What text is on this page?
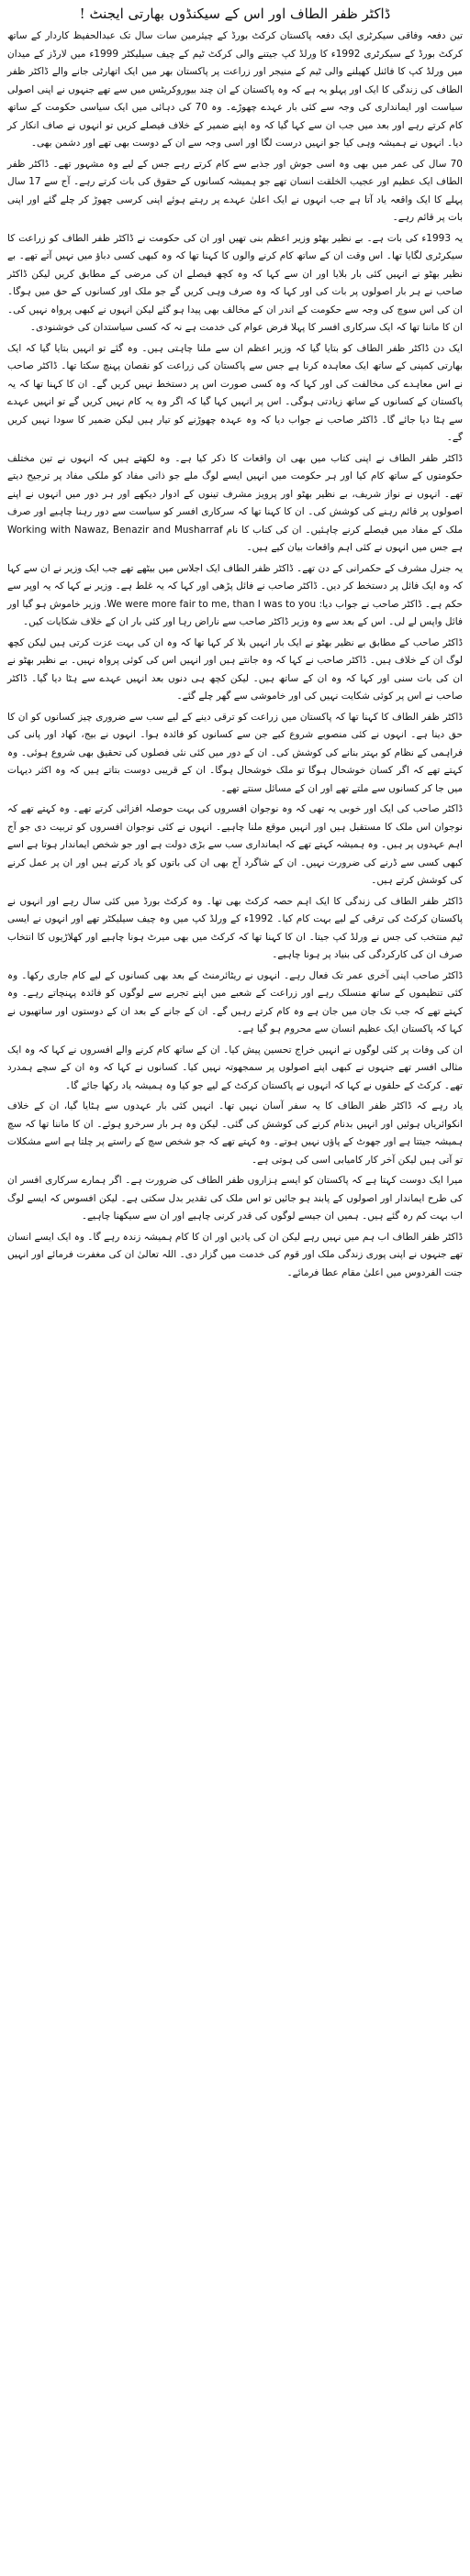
ڈاکٹر ظفر الطاف اور اس کے سیکنڈوں بھارتی ایجنٹ !

تین دفعہ وفاقی سیکرٹری ایک دفعہ پاکستان کرکٹ بورڈ کے چیئرمین سات سال تک عبدالحفیظ کاردار کے ساتھ کرکٹ بورڈ کے سیکرٹری 1992ء کا ورلڈ کپ جیتنے والی کرکٹ ٹیم کے چیف سیلیکٹر 1999ء میں لارڈز کے میدان میں ورلڈ کپ کا فائنل کھیلنے والی ٹیم کے منیجر اور زراعت پر پاکستان بھر میں ایک اتھارٹی جانے والے ڈاکٹر ظفر الطاف کی زندگی کا ایک اور پہلو یہ ہے کہ وہ پاکستان کے ان چند بیوروکریٹس میں سے تھے جنہوں نے اپنی اصولی سیاست اور ایمانداری کی وجہ سے کئی بار عہدے چھوڑے۔ وہ 70 کی دہائی میں ایک سیاسی حکومت کے ساتھ کام کرتے رہے اور بعد میں جب ان سے کہا گیا کہ وہ اپنے ضمیر کے خلاف فیصلے کریں تو انہوں نے صاف انکار کر دیا۔ انہوں نے ہمیشہ وہی کیا جو انہیں درست لگا اور اسی وجہ سے ان کے دوست بھی تھے اور دشمن بھی۔

70 سال کی عمر میں بھی وہ اسی جوش اور جذبے سے کام کرتے رہے جس کے لیے وہ مشہور تھے۔ ڈاکٹر ظفر الطاف ایک عظیم اور عجیب الخلقت انسان تھے جو ہمیشہ کسانوں کے حقوق کی بات کرتے رہے۔ آج سے 17 سال پہلے کا ایک واقعہ یاد آتا ہے جب انہوں نے ایک اعلیٰ عہدے پر رہتے ہوئے اپنی کرسی چھوڑ کر چلے گئے اور اپنی بات پر قائم رہے۔

یہ 1993ء کی بات ہے۔ بے نظیر بھٹو وزیر اعظم بنی تھیں اور ان کی حکومت نے ڈاکٹر ظفر الطاف کو زراعت کا سیکرٹری لگایا تھا۔ اس وقت ان کے ساتھ کام کرنے والوں کا کہنا تھا کہ وہ کبھی کسی دباؤ میں نہیں آتے تھے۔ بے نظیر بھٹو نے انہیں کئی بار بلایا اور ان سے کہا کہ وہ کچھ فیصلے ان کی مرضی کے مطابق کریں لیکن ڈاکٹر صاحب نے ہر بار اصولوں پر بات کی اور کہا کہ وہ صرف وہی کریں گے جو ملک اور کسانوں کے حق میں ہوگا۔ ان کی اس سوچ کی وجہ سے حکومت کے اندر ان کے مخالف بھی پیدا ہو گئے لیکن انہوں نے کبھی پرواہ نہیں کی۔ ان کا ماننا تھا کہ ایک سرکاری افسر کا پہلا فرض عوام کی خدمت ہے نہ کہ کسی سیاستدان کی خوشنودی۔

ایک دن ڈاکٹر ظفر الطاف کو بتایا گیا کہ وزیر اعظم ان سے ملنا چاہتی ہیں۔ وہ گئے تو انہیں بتایا گیا کہ ایک بھارتی کمپنی کے ساتھ ایک معاہدہ کرنا ہے جس سے پاکستان کی زراعت کو نقصان پہنچ سکتا تھا۔ ڈاکٹر صاحب نے اس معاہدے کی مخالفت کی اور کہا کہ وہ کسی صورت اس پر دستخط نہیں کریں گے۔ ان کا کہنا تھا کہ یہ پاکستان کے کسانوں کے ساتھ زیادتی ہوگی۔ اس پر انہیں کہا گیا کہ اگر وہ یہ کام نہیں کریں گے تو انہیں عہدے سے ہٹا دیا جائے گا۔ ڈاکٹر صاحب نے جواب دیا کہ وہ عہدہ چھوڑنے کو تیار ہیں لیکن ضمیر کا سودا نہیں کریں گے۔

ڈاکٹر ظفر الطاف نے اپنی کتاب میں بھی ان واقعات کا ذکر کیا ہے۔ وہ لکھتے ہیں کہ انہوں نے تین مختلف حکومتوں کے ساتھ کام کیا اور ہر حکومت میں انہیں ایسے لوگ ملے جو ذاتی مفاد کو ملکی مفاد پر ترجیح دیتے تھے۔ انہوں نے نواز شریف، بے نظیر بھٹو اور پرویز مشرف تینوں کے ادوار دیکھے اور ہر دور میں انہوں نے اپنے اصولوں پر قائم رہنے کی کوشش کی۔ ان کا کہنا تھا کہ سرکاری افسر کو سیاست سے دور رہنا چاہیے اور صرف ملک کے مفاد میں فیصلے کرنے چاہئیں۔ ان کی کتاب کا نام Working with Nawaz, Benazir and Musharraf ہے جس میں انہوں نے کئی اہم واقعات بیان کیے ہیں۔

یہ جنرل مشرف کے حکمرانی کے دن تھے۔ ڈاکٹر ظفر الطاف ایک اجلاس میں بیٹھے تھے جب ایک وزیر نے ان سے کہا کہ وہ ایک فائل پر دستخط کر دیں۔ ڈاکٹر صاحب نے فائل پڑھی اور کہا کہ یہ غلط ہے۔ وزیر نے کہا کہ یہ اوپر سے حکم ہے۔ ڈاکٹر صاحب نے جواب دیا: We were more fair to me, than I was to you. وزیر خاموش ہو گیا اور فائل واپس لے لی۔ اس کے بعد سے وہ وزیر ڈاکٹر صاحب سے ناراض رہا اور کئی بار ان کے خلاف شکایات کیں۔

ڈاکٹر صاحب کے مطابق بے نظیر بھٹو نے ایک بار انہیں بلا کر کہا تھا کہ وہ ان کی بہت عزت کرتی ہیں لیکن کچھ لوگ ان کے خلاف ہیں۔ ڈاکٹر صاحب نے کہا کہ وہ جانتے ہیں اور انہیں اس کی کوئی پرواہ نہیں۔ بے نظیر بھٹو نے ان کی بات سنی اور کہا کہ وہ ان کے ساتھ ہیں۔ لیکن کچھ ہی دنوں بعد انہیں عہدے سے ہٹا دیا گیا۔ ڈاکٹر صاحب نے اس پر کوئی شکایت نہیں کی اور خاموشی سے گھر چلے گئے۔

ڈاکٹر ظفر الطاف کا کہنا تھا کہ پاکستان میں زراعت کو ترقی دینے کے لیے سب سے ضروری چیز کسانوں کو ان کا حق دینا ہے۔ انہوں نے کئی منصوبے شروع کیے جن سے کسانوں کو فائدہ ہوا۔ انہوں نے بیج، کھاد اور پانی کی فراہمی کے نظام کو بہتر بنانے کی کوشش کی۔ ان کے دور میں کئی نئی فصلوں کی تحقیق بھی شروع ہوئی۔ وہ کہتے تھے کہ اگر کسان خوشحال ہوگا تو ملک خوشحال ہوگا۔ ان کے قریبی دوست بتاتے ہیں کہ وہ اکثر دیہات میں جا کر کسانوں سے ملتے تھے اور ان کے مسائل سنتے تھے۔

ڈاکٹر صاحب کی ایک اور خوبی یہ تھی کہ وہ نوجوان افسروں کی بہت حوصلہ افزائی کرتے تھے۔ وہ کہتے تھے کہ نوجوان اس ملک کا مستقبل ہیں اور انہیں موقع ملنا چاہیے۔ انہوں نے کئی نوجوان افسروں کو تربیت دی جو آج اہم عہدوں پر ہیں۔ وہ ہمیشہ کہتے تھے کہ ایمانداری سب سے بڑی دولت ہے اور جو شخص ایماندار ہوتا ہے اسے کبھی کسی سے ڈرنے کی ضرورت نہیں۔ ان کے شاگرد آج بھی ان کی باتوں کو یاد کرتے ہیں اور ان پر عمل کرنے کی کوشش کرتے ہیں۔

ڈاکٹر ظفر الطاف کی زندگی کا ایک اہم حصہ کرکٹ بھی تھا۔ وہ کرکٹ بورڈ میں کئی سال رہے اور انہوں نے پاکستان کرکٹ کی ترقی کے لیے بہت کام کیا۔ 1992ء کے ورلڈ کپ میں وہ چیف سیلیکٹر تھے اور انہوں نے ایسی ٹیم منتخب کی جس نے ورلڈ کپ جیتا۔ ان کا کہنا تھا کہ کرکٹ میں بھی میرٹ ہونا چاہیے اور کھلاڑیوں کا انتخاب صرف ان کی کارکردگی کی بنیاد پر ہونا چاہیے۔

ڈاکٹر صاحب اپنی آخری عمر تک فعال رہے۔ انہوں نے ریٹائرمنٹ کے بعد بھی کسانوں کے لیے کام جاری رکھا۔ وہ کئی تنظیموں کے ساتھ منسلک رہے اور زراعت کے شعبے میں اپنے تجربے سے لوگوں کو فائدہ پہنچاتے رہے۔ وہ کہتے تھے کہ جب تک جان میں جان ہے وہ کام کرتے رہیں گے۔ ان کے جانے کے بعد ان کے دوستوں اور ساتھیوں نے کہا کہ پاکستان ایک عظیم انسان سے محروم ہو گیا ہے۔

ان کی وفات پر کئی لوگوں نے انہیں خراج تحسین پیش کیا۔ ان کے ساتھ کام کرنے والے افسروں نے کہا کہ وہ ایک مثالی افسر تھے جنہوں نے کبھی اپنے اصولوں پر سمجھوتہ نہیں کیا۔ کسانوں نے کہا کہ وہ ان کے سچے ہمدرد تھے۔ کرکٹ کے حلقوں نے کہا کہ انہوں نے پاکستان کرکٹ کے لیے جو کیا وہ ہمیشہ یاد رکھا جائے گا۔

یاد رہے کہ ڈاکٹر ظفر الطاف کا یہ سفر آسان نہیں تھا۔ انہیں کئی بار عہدوں سے ہٹایا گیا، ان کے خلاف انکوائریاں ہوئیں اور انہیں بدنام کرنے کی کوشش کی گئی۔ لیکن وہ ہر بار سرخرو ہوئے۔ ان کا ماننا تھا کہ سچ ہمیشہ جیتتا ہے اور جھوٹ کے پاؤں نہیں ہوتے۔ وہ کہتے تھے کہ جو شخص سچ کے راستے پر چلتا ہے اسے مشکلات تو آتی ہیں لیکن آخر کار کامیابی اسی کی ہوتی ہے۔

میرا ایک دوست کہتا ہے کہ پاکستان کو ایسے ہزاروں ظفر الطاف کی ضرورت ہے۔ اگر ہمارے سرکاری افسر ان کی طرح ایماندار اور اصولوں کے پابند ہو جائیں تو اس ملک کی تقدیر بدل سکتی ہے۔ لیکن افسوس کہ ایسے لوگ اب بہت کم رہ گئے ہیں۔ ہمیں ان جیسے لوگوں کی قدر کرنی چاہیے اور ان سے سیکھنا چاہیے۔

ڈاکٹر ظفر الطاف اب ہم میں نہیں رہے لیکن ان کی یادیں اور ان کا کام ہمیشہ زندہ رہے گا۔ وہ ایک ایسے انسان تھے جنہوں نے اپنی پوری زندگی ملک اور قوم کی خدمت میں گزار دی۔ اللہ تعالیٰ ان کی مغفرت فرمائے اور انہیں جنت الفردوس میں اعلیٰ مقام عطا فرمائے۔
